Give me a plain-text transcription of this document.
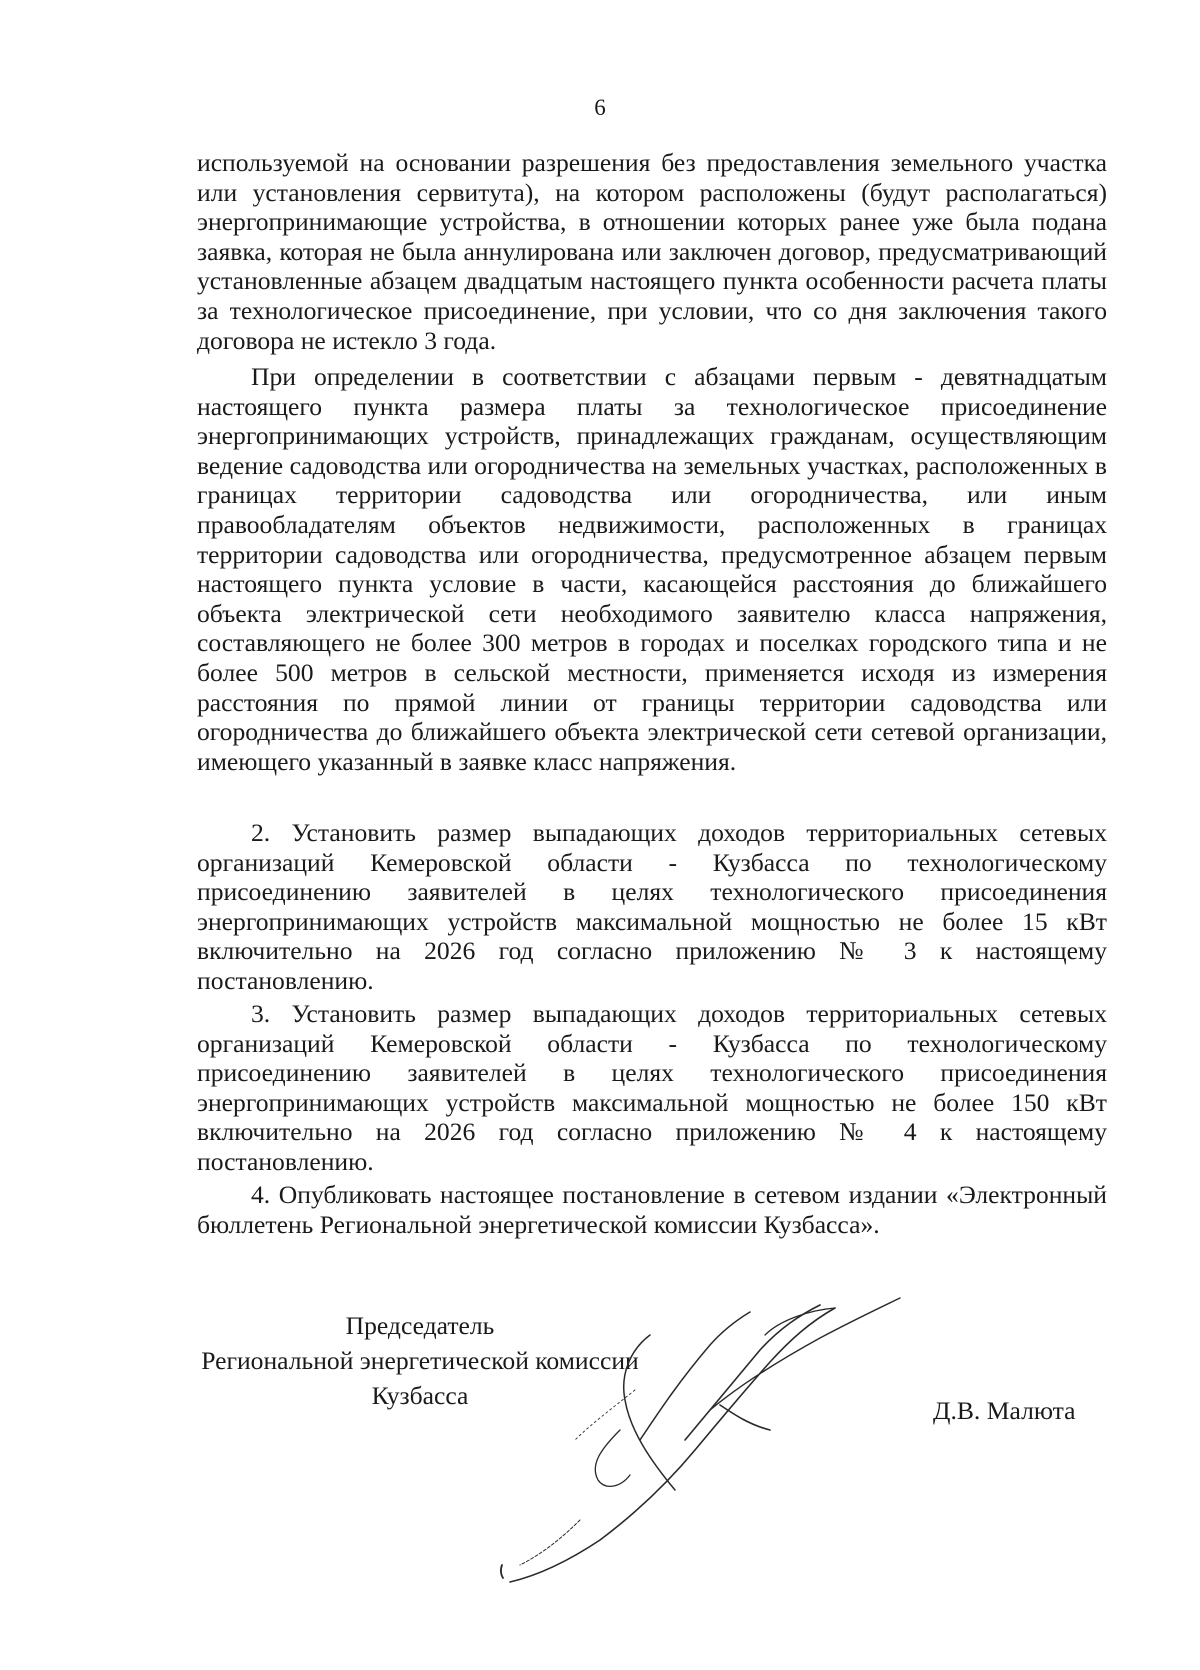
6

используемой на основании разрешения без предоставления земельного участка или установления сервитута), на котором расположены (будут располагаться) энергопринимающие устройства, в отношении которых ранее уже была подана заявка, которая не была аннулирована или заключен договор, предусматривающий установленные абзацем двадцатым настоящего пункта особенности расчета платы за технологическое присоединение, при условии, что со дня заключения такого договора не истекло 3 года.

При определении в соответствии с абзацами первым - девятнадцатым настоящего пункта размера платы за технологическое присоединение энергопринимающих устройств, принадлежащих гражданам, осуществляющим ведение садоводства или огородничества на земельных участках, расположенных в границах территории садоводства или огородничества, или иным правообладателям объектов недвижимости, расположенных в границах территории садоводства или огородничества, предусмотренное абзацем первым настоящего пункта условие в части, касающейся расстояния до ближайшего объекта электрической сети необходимого заявителю класса напряжения, составляющего не более 300 метров в городах и поселках городского типа и не более 500 метров в сельской местности, применяется исходя из измерения расстояния по прямой линии от границы территории садоводства или огородничества до ближайшего объекта электрической сети сетевой организации, имеющего указанный в заявке класс напряжения.

2. Установить размер выпадающих доходов территориальных сетевых организаций Кемеровской области - Кузбасса по технологическому присоединению заявителей в целях технологического присоединения энергопринимающих устройств максимальной мощностью не более 15 кВт включительно на 2026 год согласно приложению № 3 к настоящему постановлению.

3. Установить размер выпадающих доходов территориальных сетевых организаций Кемеровской области - Кузбасса по технологическому присоединению заявителей в целях технологического присоединения энергопринимающих устройств максимальной мощностью не более 150 кВт включительно на 2026 год согласно приложению № 4 к настоящему постановлению.

4. Опубликовать настоящее постановление в сетевом издании «Электронный бюллетень Региональной энергетической комиссии Кузбасса».

Председатель
Региональной энергетической комиссии
Кузбасса
Д.В. Малюта
